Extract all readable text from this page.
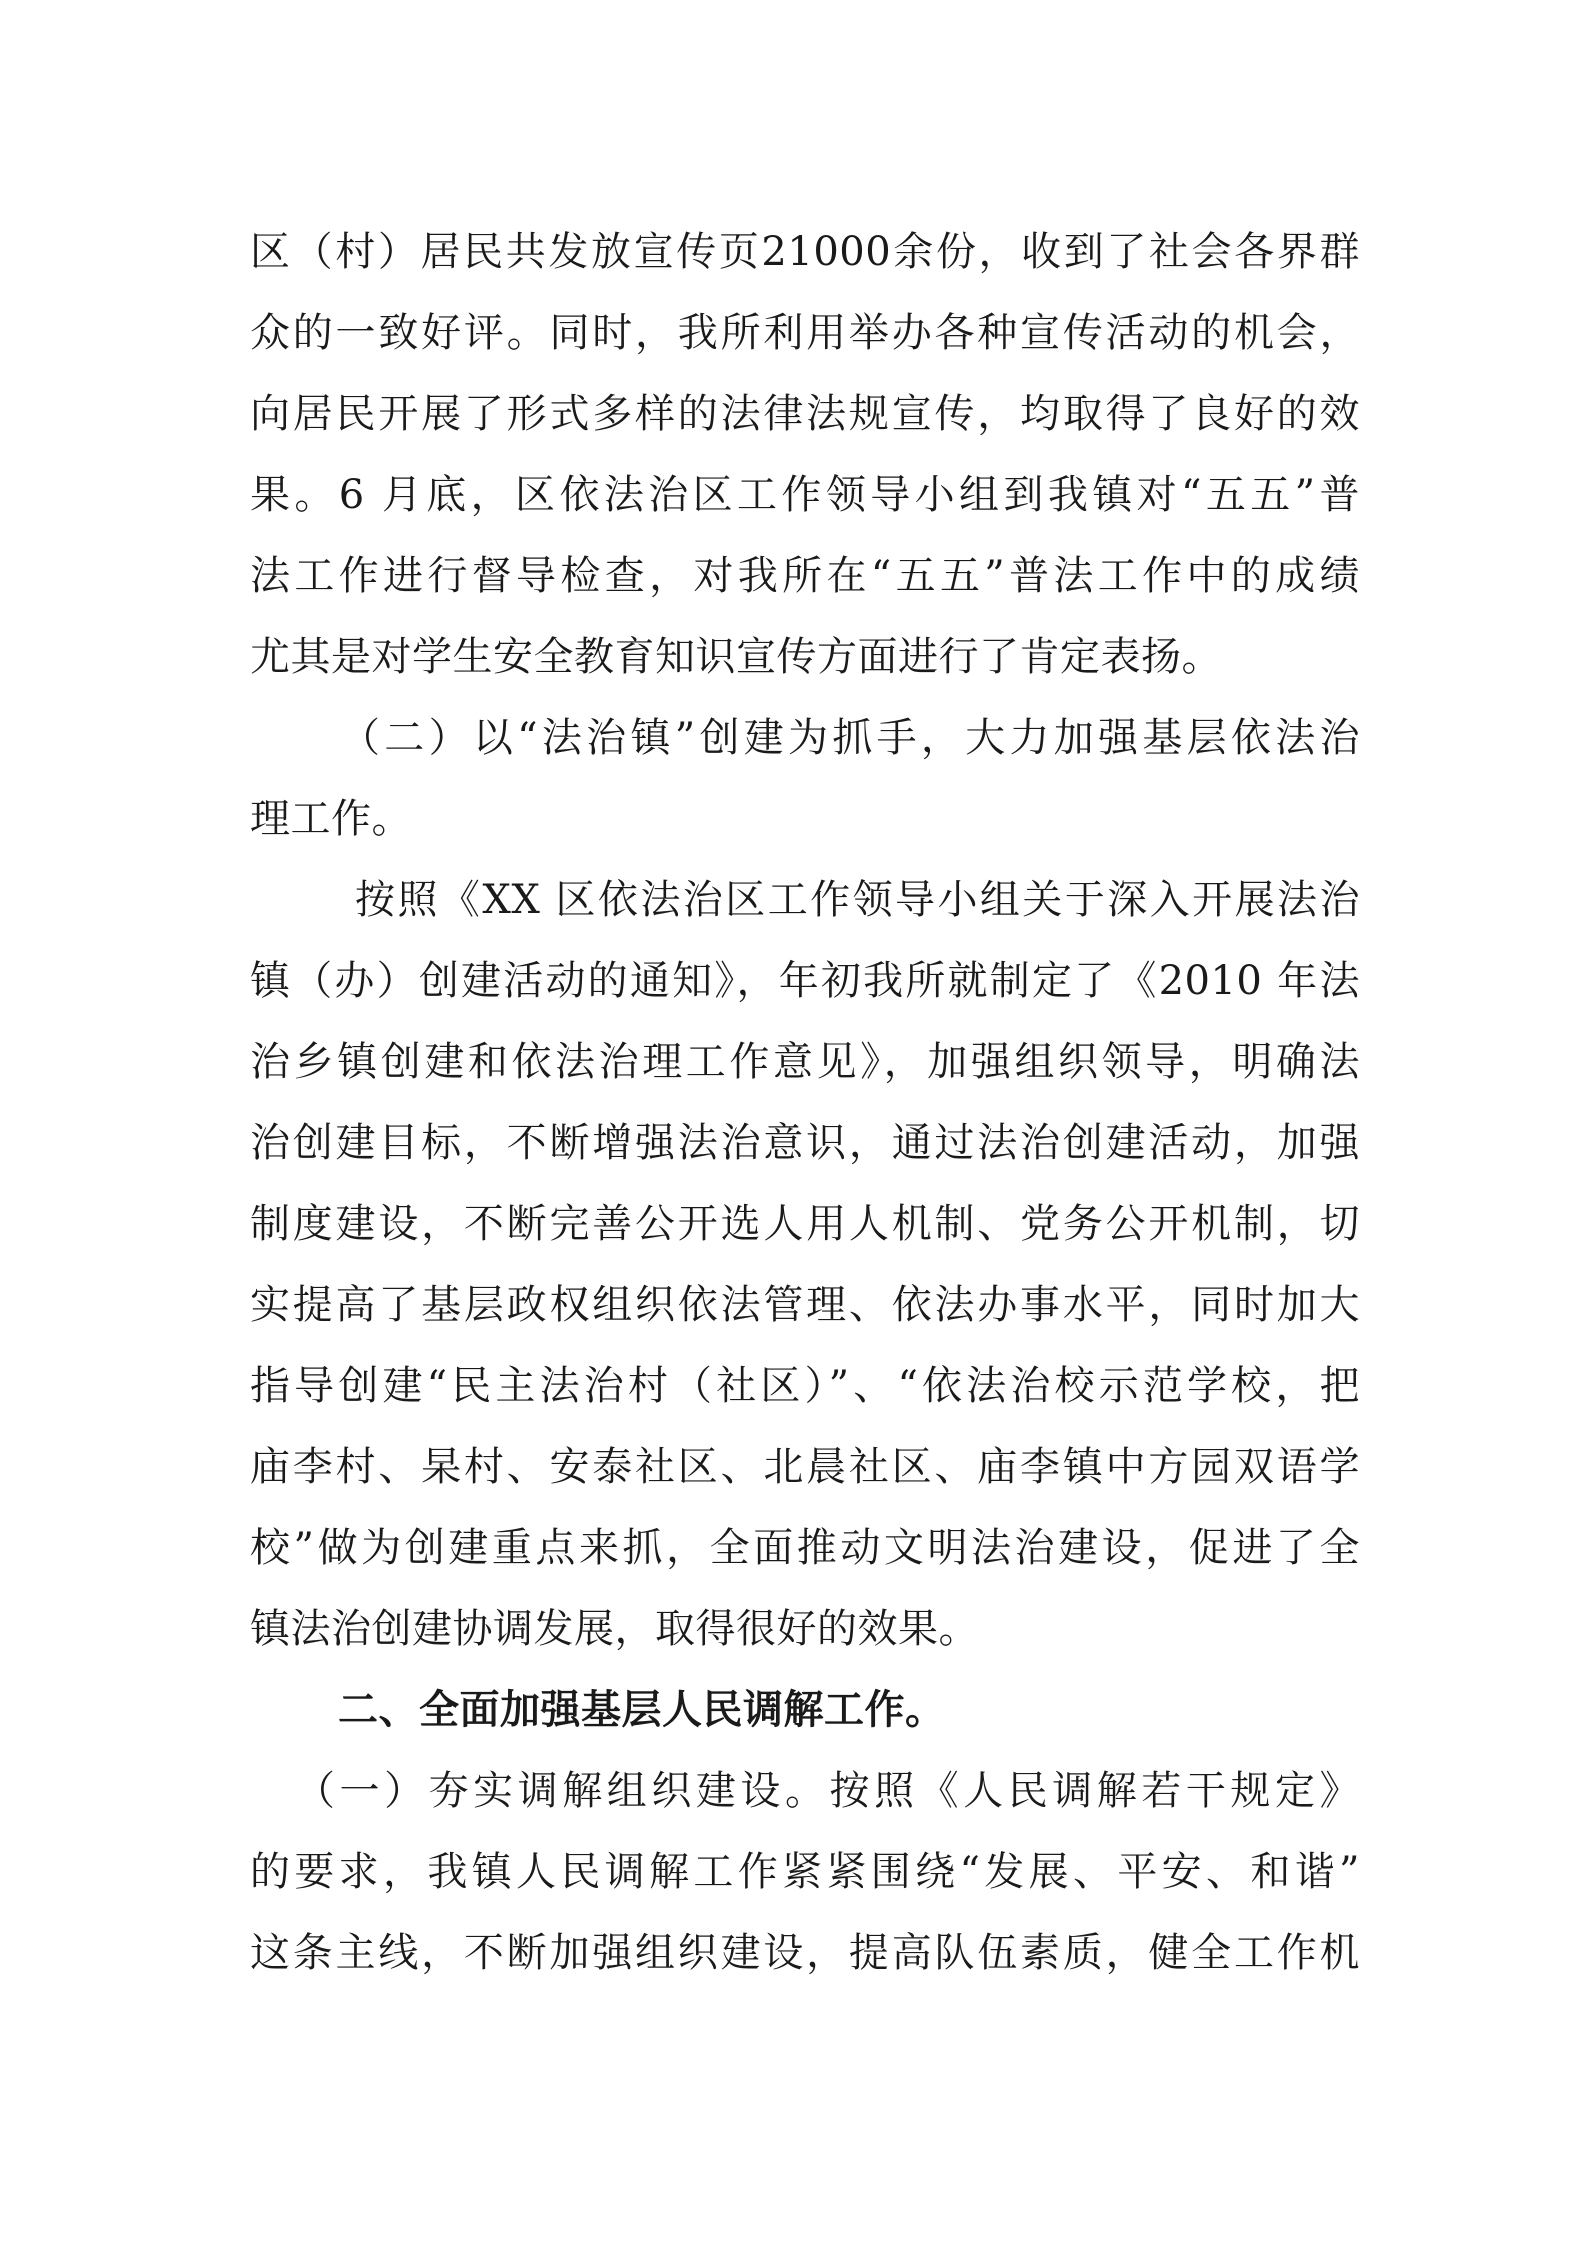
区（村）居民共发放宣传页21000余份，收到了社会各界群
众的一致好评。同时，我所利用举办各种宣传活动的机会，
向居民开展了形式多样的法律法规宣传，均取得了良好的效
果。6 月底，区依法治区工作领导小组到我镇对“五五”普
法工作进行督导检查，对我所在“五五”普法工作中的成绩
尤其是对学生安全教育知识宣传方面进行了肯定表扬。
（二）以“法治镇”创建为抓手，大力加强基层依法治
理工作。
按照《XX 区依法治区工作领导小组关于深入开展法治
镇（办）创建活动的通知》，年初我所就制定了《2010 年法
治乡镇创建和依法治理工作意见》，加强组织领导，明确法
治创建目标，不断增强法治意识，通过法治创建活动，加强
制度建设，不断完善公开选人用人机制、党务公开机制，切
实提高了基层政权组织依法管理、依法办事水平，同时加大
指导创建“民主法治村（社区）”、“依法治校示范学校，把
庙李村、杲村、安泰社区、北晨社区、庙李镇中方园双语学
校”做为创建重点来抓，全面推动文明法治建设，促进了全
镇法治创建协调发展，取得很好的效果。
二、全面加强基层人民调解工作。
（一）夯实调解组织建设。按照《人民调解若干规定》
的要求，我镇人民调解工作紧紧围绕“发展、平安、和谐”
这条主线，不断加强组织建设，提高队伍素质，健全工作机
